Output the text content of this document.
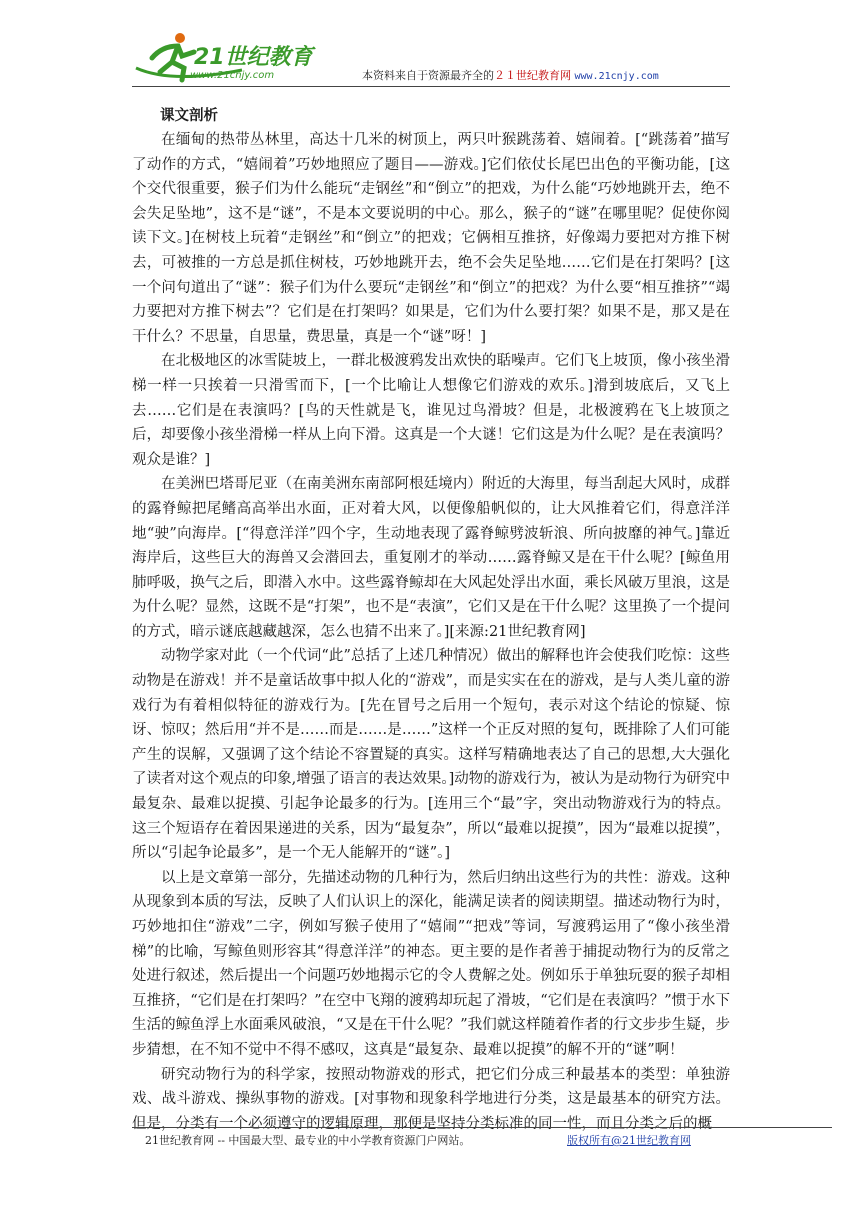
21世纪教育
www.21cnjy.com	本资料来自于资源最齐全的２１世纪教育网 www.21cnjy.com

课文剖析

在缅甸的热带丛林里，高达十几米的树顶上，两只叶猴跳荡着、嬉闹着。[“跳荡着”描写了动作的方式，“嬉闹着”巧妙地照应了题目——游戏。]它们依仗长尾巴出色的平衡功能，[这个交代很重要，猴子们为什么能玩“走钢丝”和“倒立”的把戏，为什么能“巧妙地跳开去，绝不会失足坠地”，这不是“谜”，不是本文要说明的中心。那么，猴子的“谜”在哪里呢？促使你阅读下文。]在树枝上玩着“走钢丝”和“倒立”的把戏；它俩相互推挤，好像竭力要把对方推下树去，可被推的一方总是抓住树枝，巧妙地跳开去，绝不会失足坠地……它们是在打架吗？[这一个问句道出了“谜”：猴子们为什么要玩“走钢丝”和“倒立”的把戏？为什么要“相互推挤”“竭力要把对方推下树去”？它们是在打架吗？如果是，它们为什么要打架？如果不是，那又是在干什么？不思量，自思量，费思量，真是一个“谜”呀！]

在北极地区的冰雪陡坡上，一群北极渡鸦发出欢快的聒噪声。它们飞上坡顶，像小孩坐滑梯一样一只挨着一只滑雪而下，[一个比喻让人想像它们游戏的欢乐。]滑到坡底后，又飞上去……它们是在表演吗？[鸟的天性就是飞，谁见过鸟滑坡？但是，北极渡鸦在飞上坡顶之后，却要像小孩坐滑梯一样从上向下滑。这真是一个大谜！它们这是为什么呢？是在表演吗？观众是谁？]

在美洲巴塔哥尼亚（在南美洲东南部阿根廷境内）附近的大海里，每当刮起大风时，成群的露脊鲸把尾鳍高高举出水面，正对着大风，以便像船帆似的，让大风推着它们，得意洋洋地“驶”向海岸。[“得意洋洋”四个字，生动地表现了露脊鲸劈波斩浪、所向披靡的神气。]靠近海岸后，这些巨大的海兽又会潜回去，重复刚才的举动……露脊鲸又是在干什么呢？[鲸鱼用肺呼吸，换气之后，即潜入水中。这些露脊鲸却在大风起处浮出水面，乘长风破万里浪，这是为什么呢？显然，这既不是“打架”，也不是“表演”，它们又是在干什么呢？这里换了一个提问的方式，暗示谜底越藏越深，怎么也猜不出来了。][来源:21世纪教育网]

动物学家对此（一个代词“此”总括了上述几种情况）做出的解释也许会使我们吃惊：这些动物是在游戏！并不是童话故事中拟人化的“游戏”，而是实实在在的游戏，是与人类儿童的游戏行为有着相似特征的游戏行为。[先在冒号之后用一个短句，表示对这个结论的惊疑、惊讶、惊叹；然后用“并不是……而是……是……”这样一个正反对照的复句，既排除了人们可能产生的误解，又强调了这个结论不容置疑的真实。这样写精确地表达了自己的思想,大大强化了读者对这个观点的印象,增强了语言的表达效果。]动物的游戏行为，被认为是动物行为研究中最复杂、最难以捉摸、引起争论最多的行为。[连用三个“最”字，突出动物游戏行为的特点。这三个短语存在着因果递进的关系，因为“最复杂”，所以“最难以捉摸”，因为“最难以捉摸”，所以“引起争论最多”，是一个无人能解开的“谜”。]

以上是文章第一部分，先描述动物的几种行为，然后归纳出这些行为的共性：游戏。这种从现象到本质的写法，反映了人们认识上的深化，能满足读者的阅读期望。描述动物行为时，巧妙地扣住“游戏”二字，例如写猴子使用了“嬉闹”“把戏”等词，写渡鸦运用了“像小孩坐滑梯”的比喻，写鲸鱼则形容其“得意洋洋”的神态。更主要的是作者善于捕捉动物行为的反常之处进行叙述，然后提出一个问题巧妙地揭示它的令人费解之处。例如乐于单独玩耍的猴子却相互推挤，“它们是在打架吗？”在空中飞翔的渡鸦却玩起了滑坡，“它们是在表演吗？”惯于水下生活的鲸鱼浮上水面乘风破浪，“又是在干什么呢？”我们就这样随着作者的行文步步生疑，步步猜想，在不知不觉中不得不感叹，这真是“最复杂、最难以捉摸”的解不开的“谜”啊！

研究动物行为的科学家，按照动物游戏的形式，把它们分成三种最基本的类型：单独游戏、战斗游戏、操纵事物的游戏。[对事物和现象科学地进行分类，这是最基本的研究方法。但是，分类有一个必须遵守的逻辑原理，那便是坚持分类标准的同一性，而且分类之后的概

21世纪教育网 -- 中国最大型、最专业的中小学教育资源门户网站。	版权所有@21世纪教育网
